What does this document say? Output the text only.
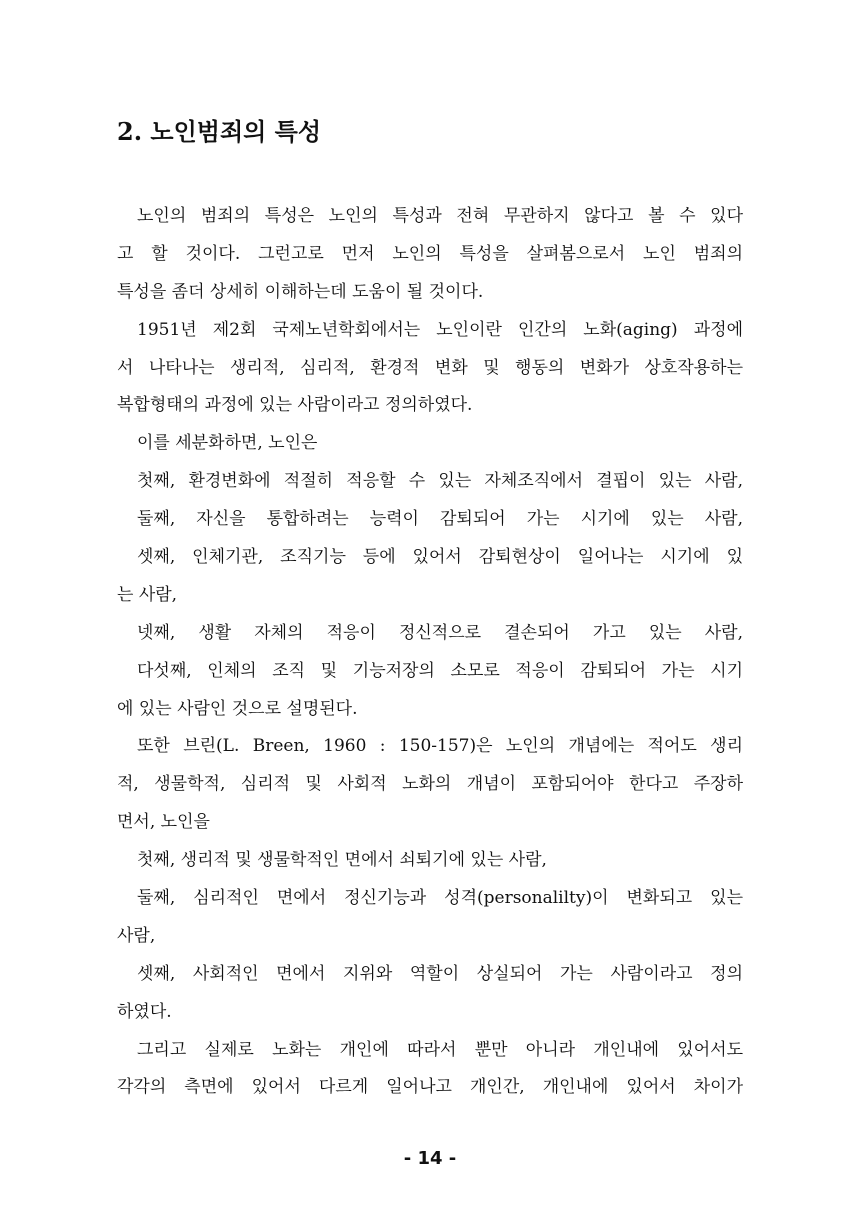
2. 노인범죄의 특성
노인의 범죄의 특성은 노인의 특성과 전혀 무관하지 않다고 볼 수 있다
고 할 것이다. 그런고로 먼저 노인의 특성을 살펴봄으로서 노인 범죄의
특성을 좀더 상세히 이해하는데 도움이 될 것이다.
1951년 제2회 국제노년학회에서는 노인이란 인간의 노화(aging) 과정에
서 나타나는 생리적, 심리적, 환경적 변화 및 행동의 변화가 상호작용하는
복합형태의 과정에 있는 사람이라고 정의하였다.
이를 세분화하면, 노인은
첫째, 환경변화에 적절히 적응할 수 있는 자체조직에서 결핍이 있는 사람,
둘째, 자신을 통합하려는 능력이 감퇴되어 가는 시기에 있는 사람,
셋째, 인체기관, 조직기능 등에 있어서 감퇴현상이 일어나는 시기에 있
는 사람,
넷째, 생활 자체의 적응이 정신적으로 결손되어 가고 있는 사람,
다섯째, 인체의 조직 및 기능저장의 소모로 적응이 감퇴되어 가는 시기
에 있는 사람인 것으로 설명된다.
또한 브린(L. Breen, 1960 : 150-157)은 노인의 개념에는 적어도 생리
적, 생물학적, 심리적 및 사회적 노화의 개념이 포함되어야 한다고 주장하
면서, 노인을
첫째, 생리적 및 생물학적인 면에서 쇠퇴기에 있는 사람,
둘째, 심리적인 면에서 정신기능과 성격(personalilty)이 변화되고 있는
사람,
셋째, 사회적인 면에서 지위와 역할이 상실되어 가는 사람이라고 정의
하였다.
그리고 실제로 노화는 개인에 따라서 뿐만 아니라 개인내에 있어서도
각각의 측면에 있어서 다르게 일어나고 개인간, 개인내에 있어서 차이가
- 14 -
